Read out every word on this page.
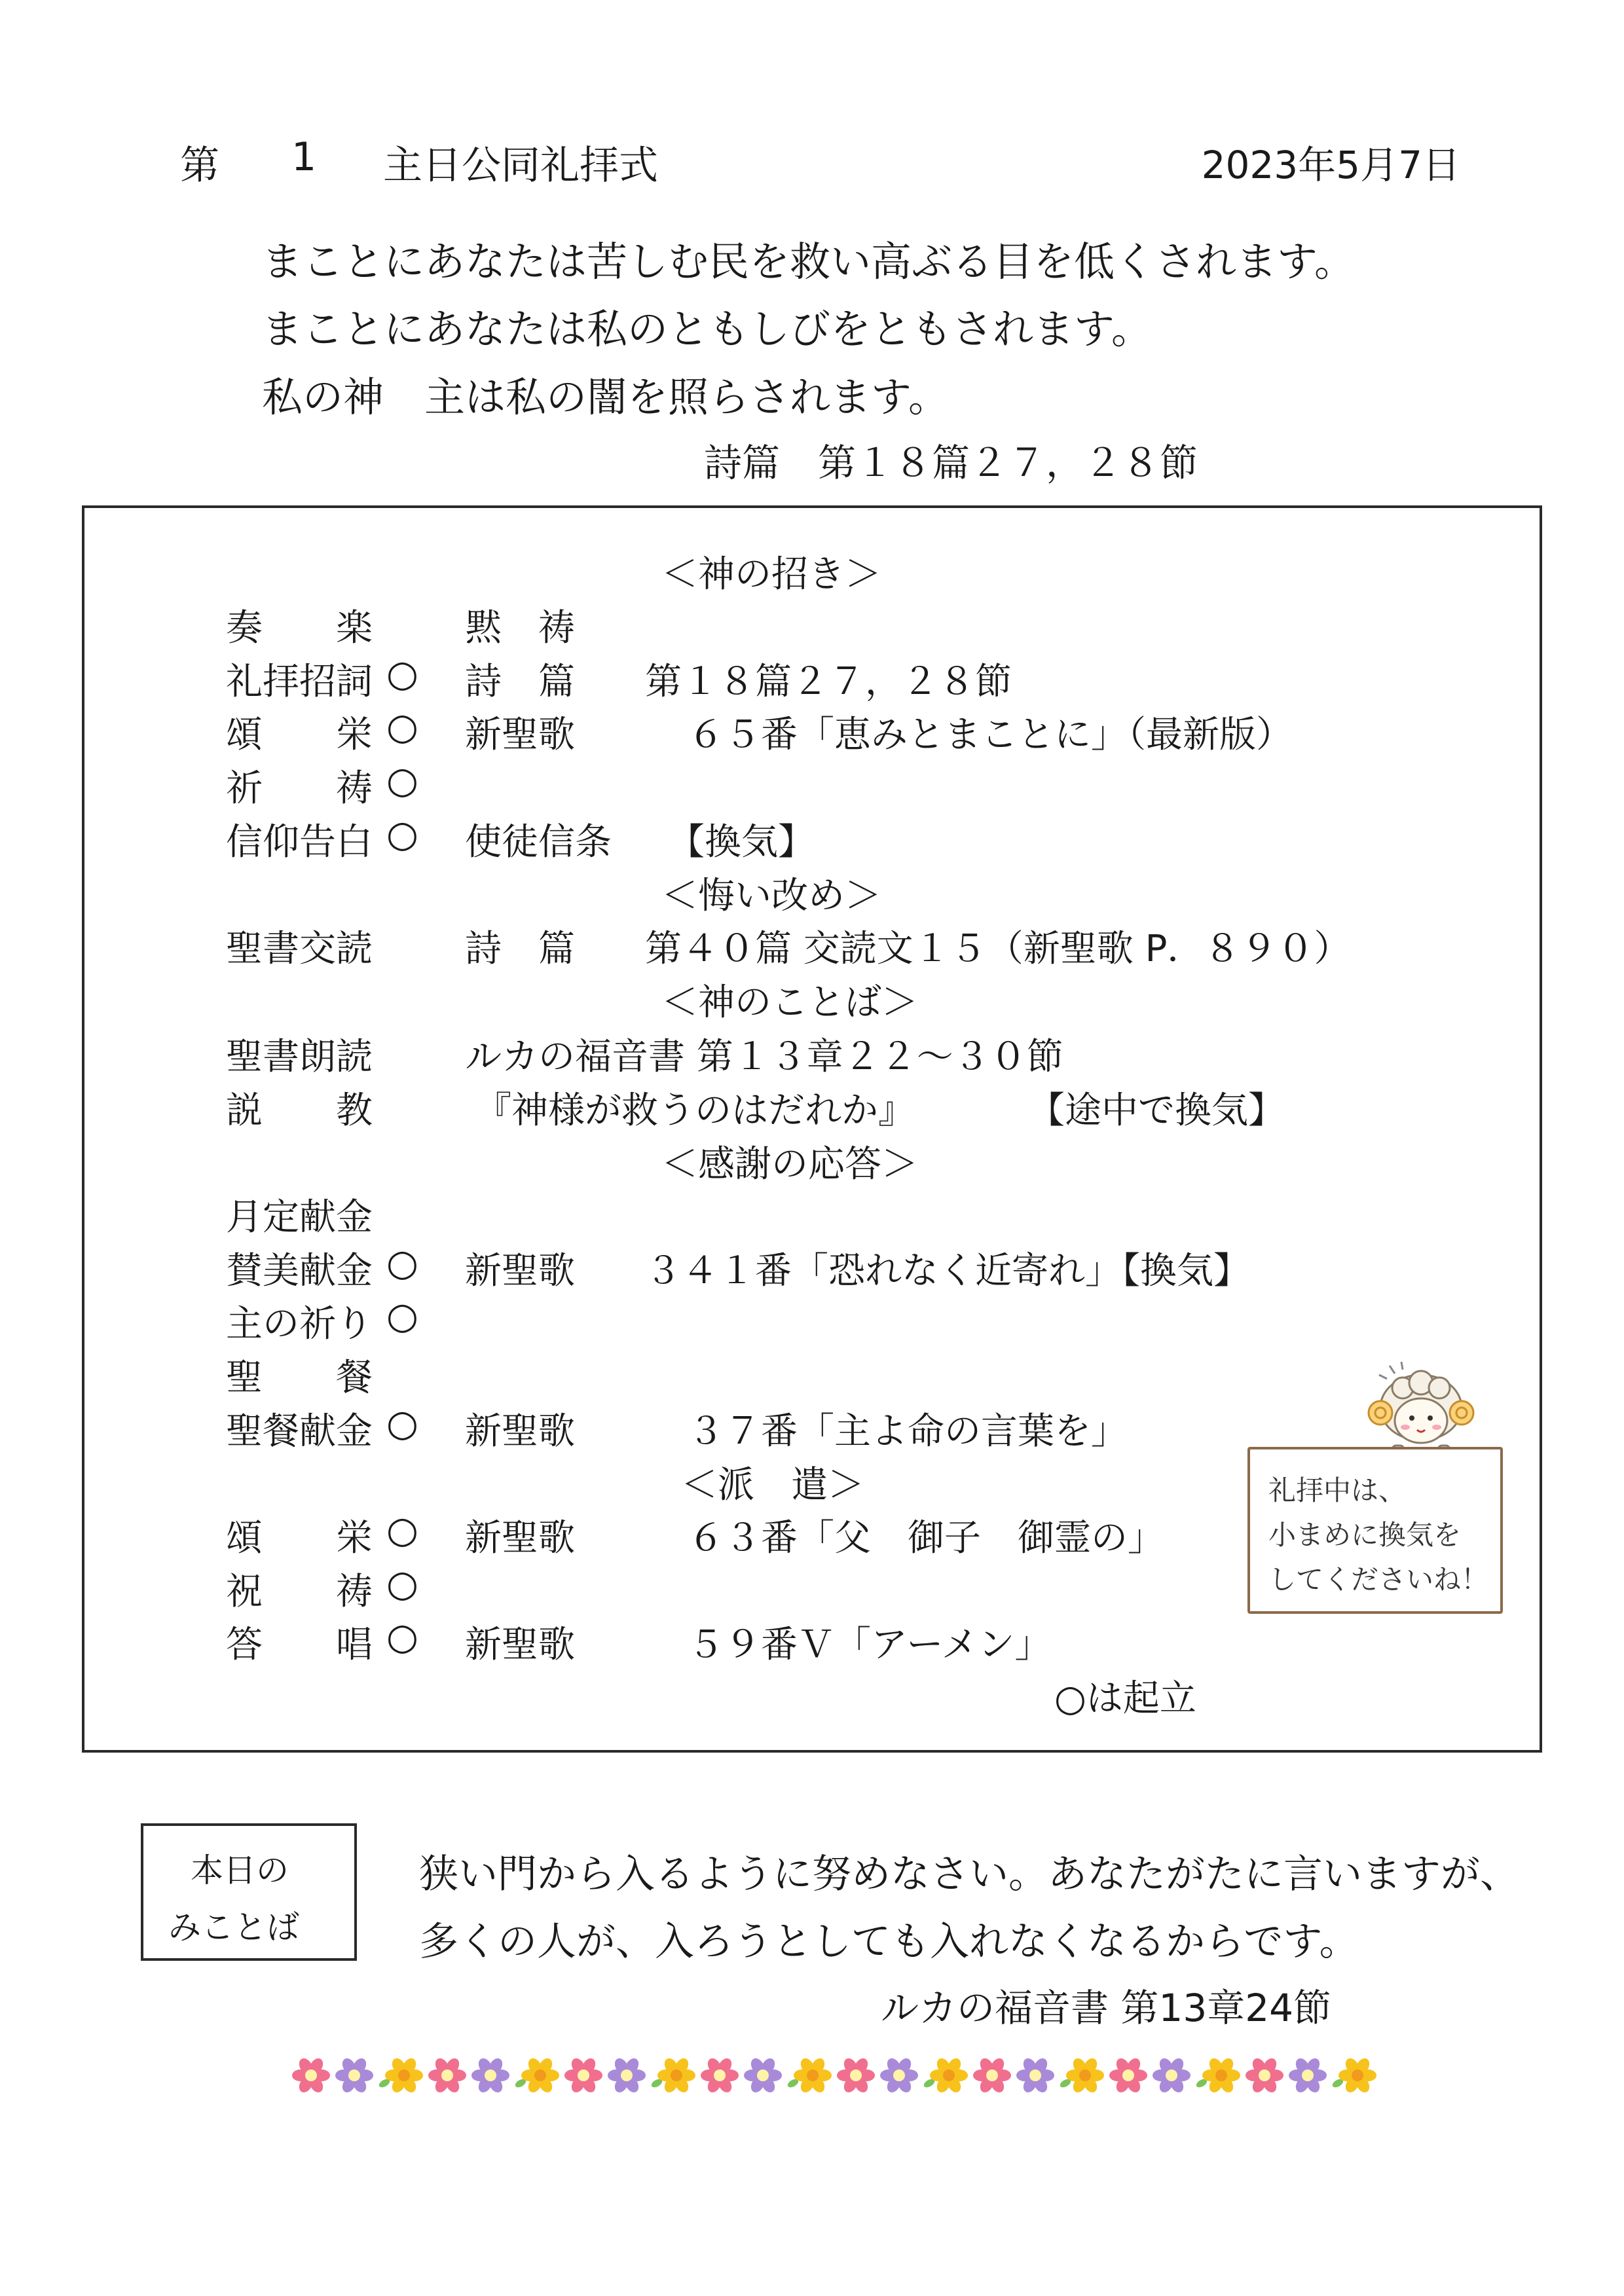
第 1 主日公同礼拝式	2023年5月7日
まことにあなたは苦しむ民を救い高ぶる目を低くされます。
まことにあなたは私のともしびをともされます。
私の神　主は私の闇を照らされます。
詩篇　第１８篇２７，２８節
＜神の招き＞
奏　　楽	黙　祷
礼拝招詞 ○ 詩　篇 第１８篇２７，２８節
頌　　栄 ○ 新聖歌	６５番「恵みとまことに」（最新版）
祈　　祷 ○
信仰告白 ○ 使徒信条 【換気】
＜悔い改め＞
聖書交読	詩　篇 第４０篇 交読文１５（新聖歌 P．８９０）
＜神のことば＞
聖書朗読	ルカの福音書 第１３章２２～３０節
説　　教	『神様が救うのはだれか』	【途中で換気】
＜感謝の応答＞
月定献金
賛美献金 ○ 新聖歌 ３４１番「恐れなく近寄れ」【換気】
主の祈り ○
聖　　餐
聖餐献金 ○ 新聖歌	３７番「主よ命の言葉を」
＜派　遣＞
頌　　栄 ○ 新聖歌	６３番「父　御子　御霊の」
祝　　祷 ○
答　　唱 ○ 新聖歌	５９番Ｖ「アーメン」
○は起立
礼拝中は、
小まめに換気を
してくださいね！
本日の
みことば
狭い門から入るように努めなさい。あなたがたに言いますが、
多くの人が、入ろうとしても入れなくなるからです。
ルカの福音書 第13章24節
